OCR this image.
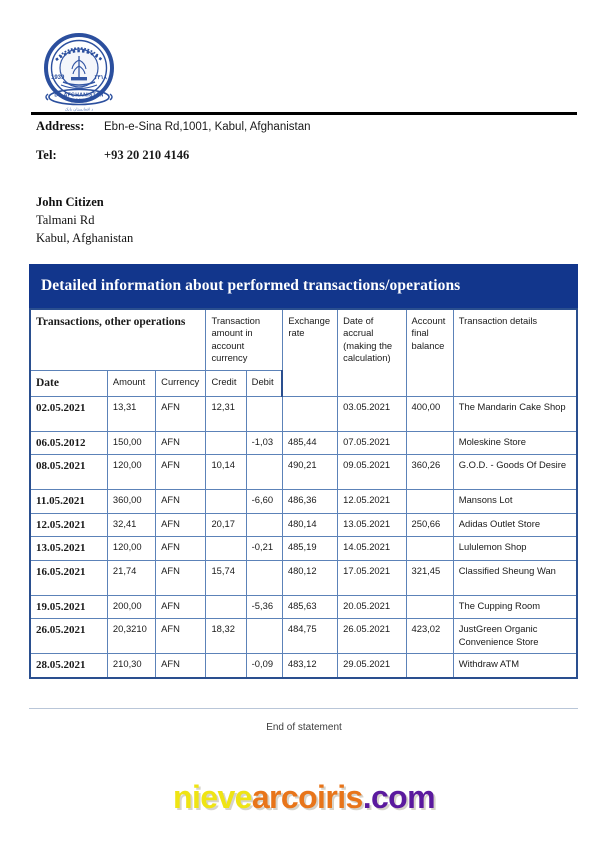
1939	١٣١٨
DA AFGHANISTAN
BANK
د افغانستان بانک
Address:	Ebn-e-Sina Rd,1001, Kabul, Afghanistan
Tel:	+93 20 210 4146
John Citizen
Talmani Rd
Kabul, Afghanistan
Detailed information about performed transactions/operations
Transactions, other operations			Transaction amount in account currency		Exchange rate	Date of accrual (making the calculation)	Account final balance	Transaction details
Date	Amount	Currency	Credit	Debit				
02.05.2021	13,31	AFN	12,31			03.05.2021	400,00	The Mandarin Cake Shop
06.05.2012	150,00	AFN		-1,03	485,44	07.05.2021		Moleskine Store
08.05.2021	120,00	AFN	10,14		490,21	09.05.2021	360,26	G.O.D. - Goods Of Desire
11.05.2021	360,00	AFN		-6,60	486,36	12.05.2021		Mansons Lot
12.05.2021	32,41	AFN	20,17		480,14	13.05.2021	250,66	Adidas Outlet Store
13.05.2021	120,00	AFN		-0,21	485,19	14.05.2021		Lululemon Shop
16.05.2021	21,74	AFN	15,74		480,12	17.05.2021	321,45	Classified Sheung Wan
19.05.2021	200,00	AFN		-5,36	485,63	20.05.2021		The Cupping Room
26.05.2021	20,3210	AFN	18,32		484,75	26.05.2021	423,02	JustGreen Organic Convenience Store
28.05.2021	210,30	AFN		-0,09	483,12	29.05.2021		Withdraw ATM
End of statement
nievearcoiris.com
